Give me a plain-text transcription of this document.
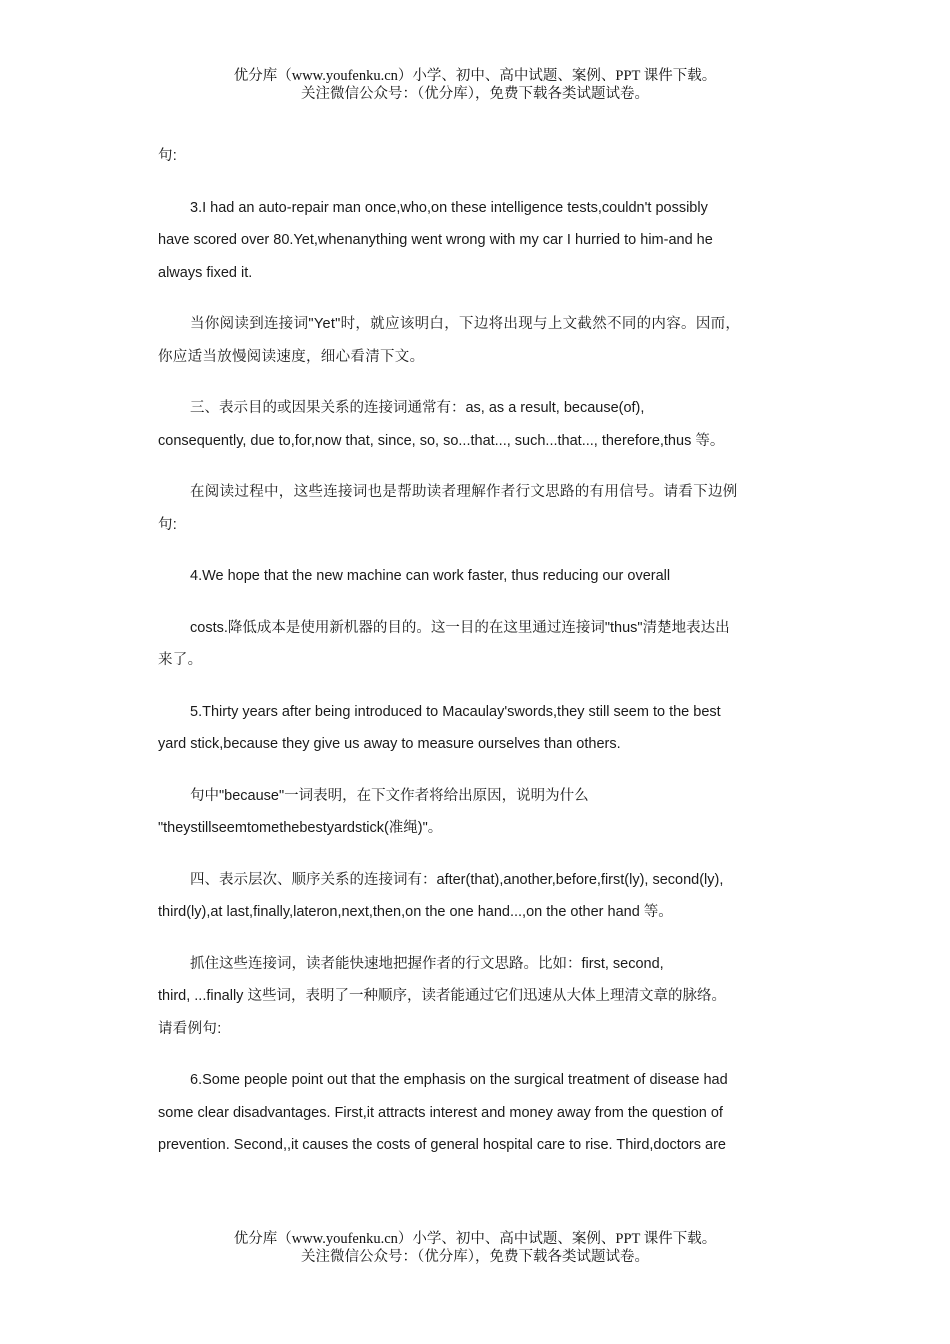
优分库（www.youfenku.cn）小学、初中、高中试题、案例、PPT 课件下载。
关注微信公众号：（优分库），免费下载各类试题试卷。

句:

3.I had an auto-repair man once,who,on these intelligence tests,couldn't possibly

have scored over 80.Yet,whenanything went wrong with my car I hurried to him-and he

always fixed it.

当你阅读到连接词"Yet"时，就应该明白，下边将出现与上文截然不同的内容。因而，

你应适当放慢阅读速度，细心看清下文。

三、表示目的或因果关系的连接词通常有：as, as a result, because(of),

consequently, due to,for,now that, since, so, so...that..., such...that..., therefore,thus 等。

在阅读过程中，这些连接词也是帮助读者理解作者行文思路的有用信号。请看下边例

句:

4.We hope that the new machine can work faster, thus reducing our overall

costs.降低成本是使用新机器的目的。这一目的在这里通过连接词"thus"清楚地表达出

来了。

5.Thirty years after being introduced to Macaulay'swords,they still seem to the best

yard stick,because they give us away to measure ourselves than others.

句中"because"一词表明，在下文作者将给出原因，说明为什么

"theystillseemtomethebestyardstick(准绳)"。

四、表示层次、顺序关系的连接词有：after(that),another,before,first(ly), second(ly),

third(ly),at last,finally,lateron,next,then,on the one hand...,on the other hand 等。

抓住这些连接词，读者能快速地把握作者的行文思路。比如：first, second,

third, ...finally 这些词，表明了一种顺序，读者能通过它们迅速从大体上理清文章的脉络。

请看例句:

6.Some people point out that the emphasis on the surgical treatment of disease had

some clear disadvantages. First,it attracts interest and money away from the question of

prevention. Second,,it causes the costs of general hospital care to rise. Third,doctors are

优分库（www.youfenku.cn）小学、初中、高中试题、案例、PPT 课件下载。
关注微信公众号：（优分库），免费下载各类试题试卷。
